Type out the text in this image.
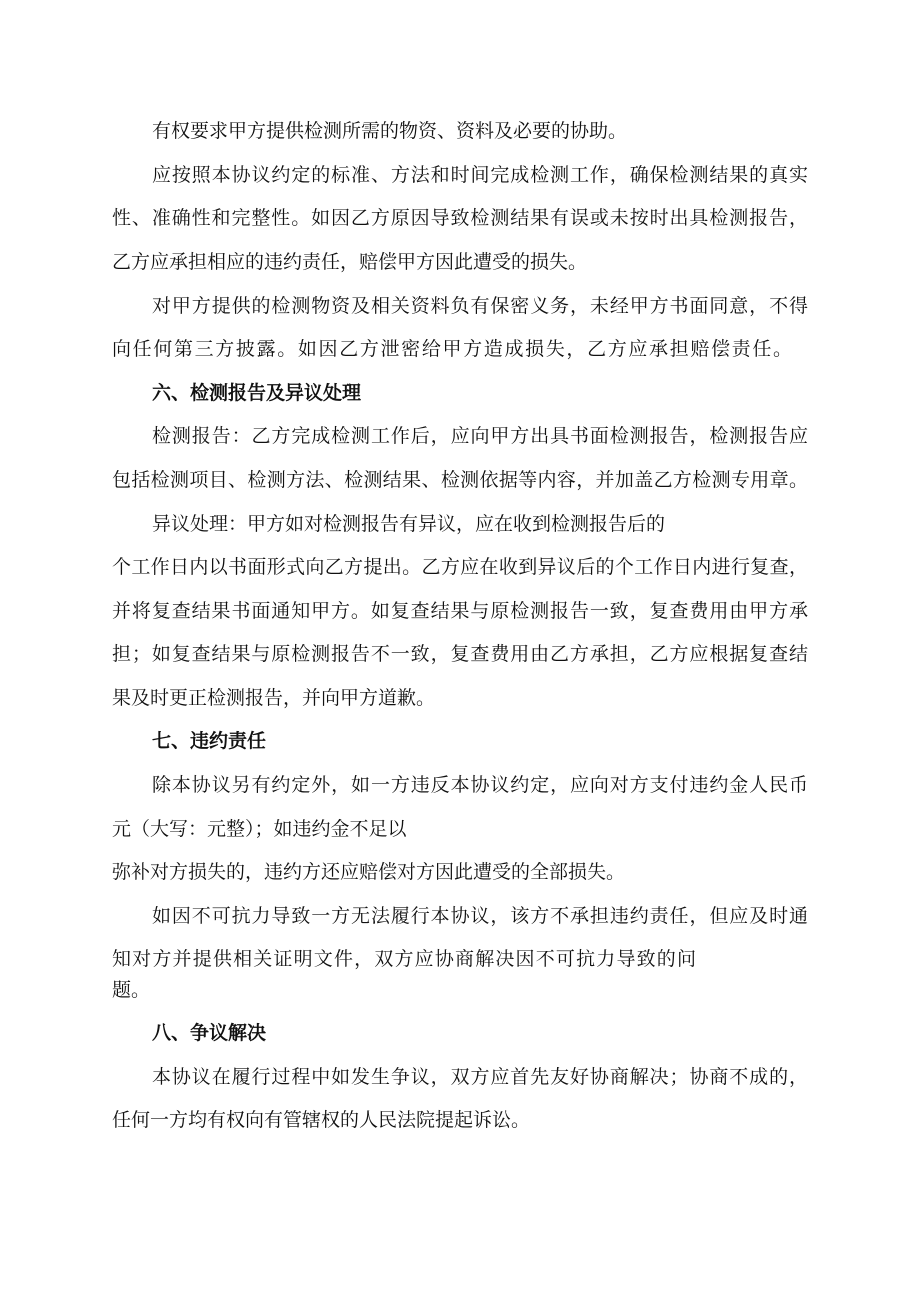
有权要求甲方提供检测所需的物资、资料及必要的协助。

应按照本协议约定的标准、方法和时间完成检测工作，确保检测结果的真实

性、准确性和完整性。如因乙方原因导致检测结果有误或未按时出具检测报告，

乙方应承担相应的违约责任，赔偿甲方因此遭受的损失。

对甲方提供的检测物资及相关资料负有保密义务，未经甲方书面同意，不得

向任何第三方披露。如因乙方泄密给甲方造成损失，乙方应承担赔偿责任。

六、检测报告及异议处理

检测报告：乙方完成检测工作后，应向甲方出具书面检测报告，检测报告应

包括检测项目、检测方法、检测结果、检测依据等内容，并加盖乙方检测专用章。

异议处理：甲方如对检测报告有异议，应在收到检测报告后的

个工作日内以书面形式向乙方提出。乙方应在收到异议后的个工作日内进行复查，

并将复查结果书面通知甲方。如复查结果与原检测报告一致，复查费用由甲方承

担；如复查结果与原检测报告不一致，复查费用由乙方承担，乙方应根据复查结

果及时更正检测报告，并向甲方道歉。

七、违约责任

除本协议另有约定外，如一方违反本协议约定，应向对方支付违约金人民币

元（大写：元整）；如违约金不足以

弥补对方损失的，违约方还应赔偿对方因此遭受的全部损失。

如因不可抗力导致一方无法履行本协议，该方不承担违约责任，但应及时通

知对方并提供相关证明文件，双方应协商解决因不可抗力导致的问

题。

八、争议解决

本协议在履行过程中如发生争议，双方应首先友好协商解决；协商不成的，

任何一方均有权向有管辖权的人民法院提起诉讼。
